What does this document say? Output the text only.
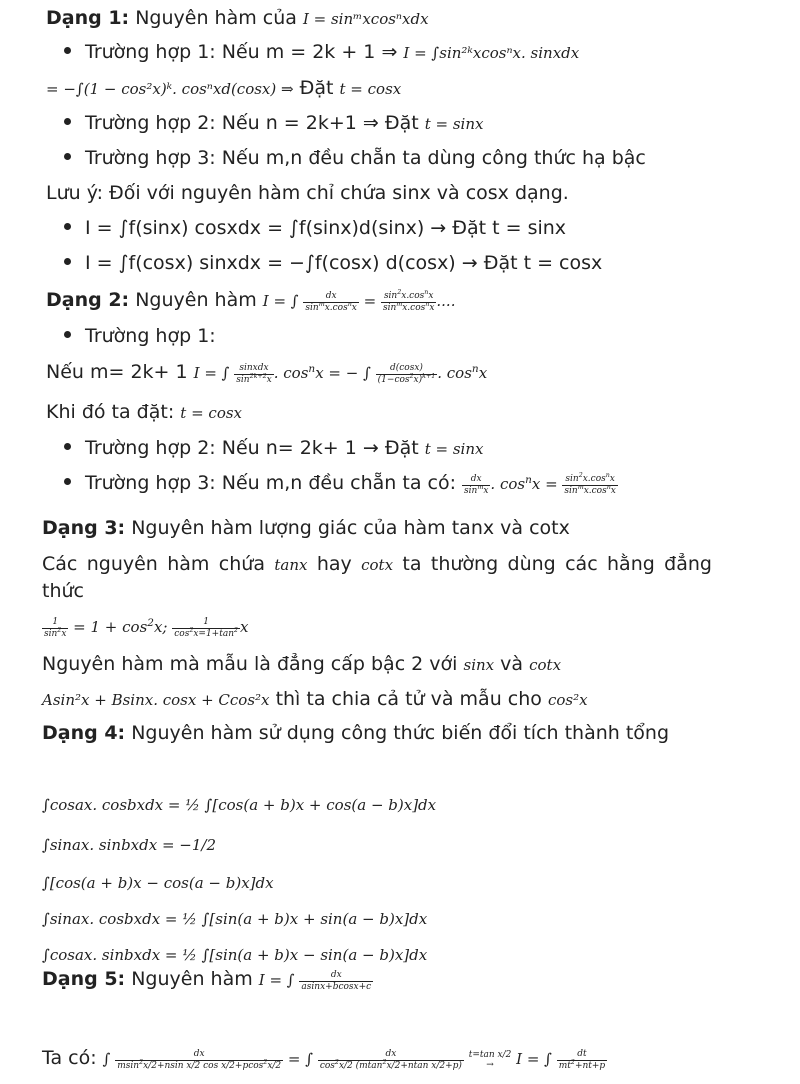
Dạng 1: Nguyên hàm của I = sinᵐxcosⁿxdx
Trường hợp 1: Nếu m = 2k + 1 ⇒ I = ∫sin²ᵏxcosⁿx. sinxdx
= −∫(1 − cos²x)ᵏ. cosⁿxd(cosx) ⇒ Đặt t = cosx
Trường hợp 2: Nếu n = 2k+1 ⇒ Đặt t = sinx
Trường hợp 3: Nếu m,n đều chẵn ta dùng công thức hạ bậc
Lưu ý: Đối với nguyên hàm chỉ chứa sinx và cosx dạng.
I = ∫f(sinx) cosxdx = ∫f(sinx)d(sinx) → Đặt t = sinx
I = ∫f(cosx) sinxdx = −∫f(cosx) d(cosx) → Đặt t = cosx
Dạng 2: Nguyên hàm I = ∫ $\frac{dx}{\sin^mx.\cos^nx} = \frac{\sin^2x.\cos^nx}{\sin^mx.\cos^nx}$ ....
Trường hợp 1:
Nếu m= 2k+ 1 I = ∫ $\frac{\text{sinxdx}}{\sin^{2k+2}x}$ . $\cos^nx$ = − ∫ $\frac{d(\cos x)}{(1-\cos^2x)^{k+1}}$ . $\cos^nx$
Khi đó ta đặt: t = cosx
Trường hợp 2: Nếu n= 2k+ 1 → Đặt t = sinx
Trường hợp 3: Nếu m,n đều chẵn ta có: $\frac{dx}{\sin^mx}$ . $\cos^nx = \frac{\sin^2x.\cos^nx}{\sin^mx.\cos^nx}$
Dạng 3: Nguyên hàm lượng giác của hàm tanx và cotx
Các nguyên hàm chứa tanx hay cotx ta thường dùng các hằng đẳng thức
$\frac{1}{\sin^2x} = 1 + \cos^2x$; $\frac{1}{\cos^2x=1+\tan^2}$ x
Nguyên hàm mà mẫu là đẳng cấp bậc 2 với sinx và cotx
Asin²x + Bsinx. cosx + Ccos²x thì ta chia cả tử và mẫu cho cos²x
Dạng 4: Nguyên hàm sử dụng công thức biến đổi tích thành tổng
∫cosax. cosbxdx = ½ ∫[cos(a + b)x + cos(a − b)x]dx
∫sinax. sinbxdx = −1/2
∫[cos(a + b)x − cos(a − b)x]dx
∫sinax. cosbxdx = ½ ∫[sin(a + b)x + sin(a − b)x]dx
∫cosax. sinbxdx = ½ ∫[sin(a + b)x − sin(a − b)x]dx
Dạng 5: Nguyên hàm I = ∫ $\frac{dx}{asinx+bcosx+c}$
Ta có: ∫ $\frac{dx}{msin^2x/2+nsin x/2 \cos x/2+pcos^2x/2}$ = ∫ $\frac{dx}{\cos^2x/2 (mtan^2x/2+ntan x/2+p)}$
t=tan x/2
→ I = ∫ $\frac{dt}{mt^2+nt+p}$
